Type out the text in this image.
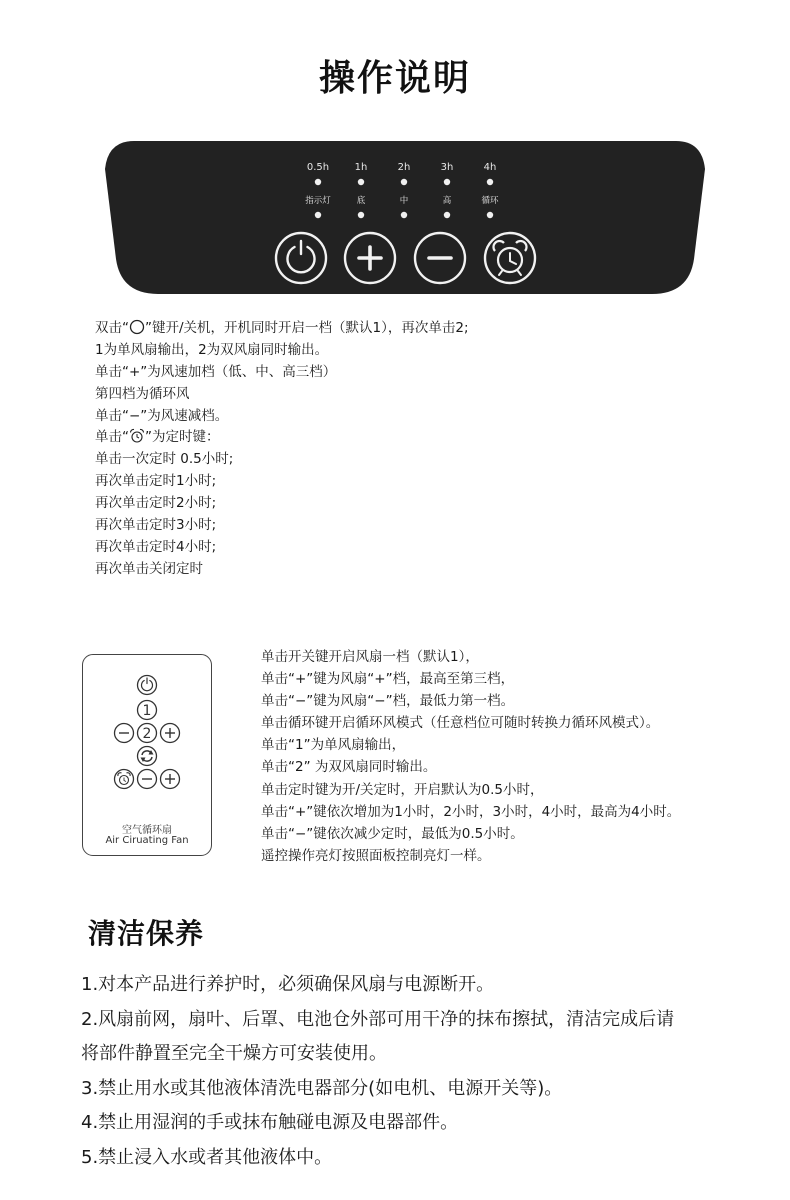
操作说明
0.5h	1h	2h	3h	4h
指示灯	底	中	高	循环
双击“ ”键开/关机，开机同时开启一档（默认1），再次单击2;
1为单风扇输出，2为双风扇同时输出。
单击“+”为风速加档（低、中、高三档）
第四档为循环风
单击“−”为风速减档。
单击“ ”为定时键：
单击一次定时 0.5小时;
再次单击定时1小时;
再次单击定时2小时;
再次单击定时3小时;
再次单击定时4小时;
再次单击关闭定时
1
2
空气循环扇
Air Ciruating Fan
单击开关键开启风扇一档（默认1），
单击“+”键为风扇“+”档，最高至第三档，
单击“−”键为风扇“−”档，最低力第一档。
单击循环键开启循环风模式（任意档位可随时转换力循环风模式）。
单击“1”为单风扇输出，
单击“2” 为双风扇同时输出。
单击定时键为开/关定时，开启默认为0.5小时，
单击“+”键依次增加为1小时，2小时，3小时，4小时，最高为4小时。
单击“−”键依次减少定时，最低为0.5小时。
遥控操作亮灯按照面板控制亮灯一样。
清洁保养
1.对本产品进行养护时，必须确保风扇与电源断开。
2.风扇前网，扇叶、后罩、电池仓外部可用干净的抹布擦拭，清洁完成后请
将部件静置至完全干燥方可安装使用。
3.禁止用水或其他液体清洗电器部分(如电机、电源开关等)。
4.禁止用湿润的手或抹布触碰电源及电器部件。
5.禁止浸入水或者其他液体中。
